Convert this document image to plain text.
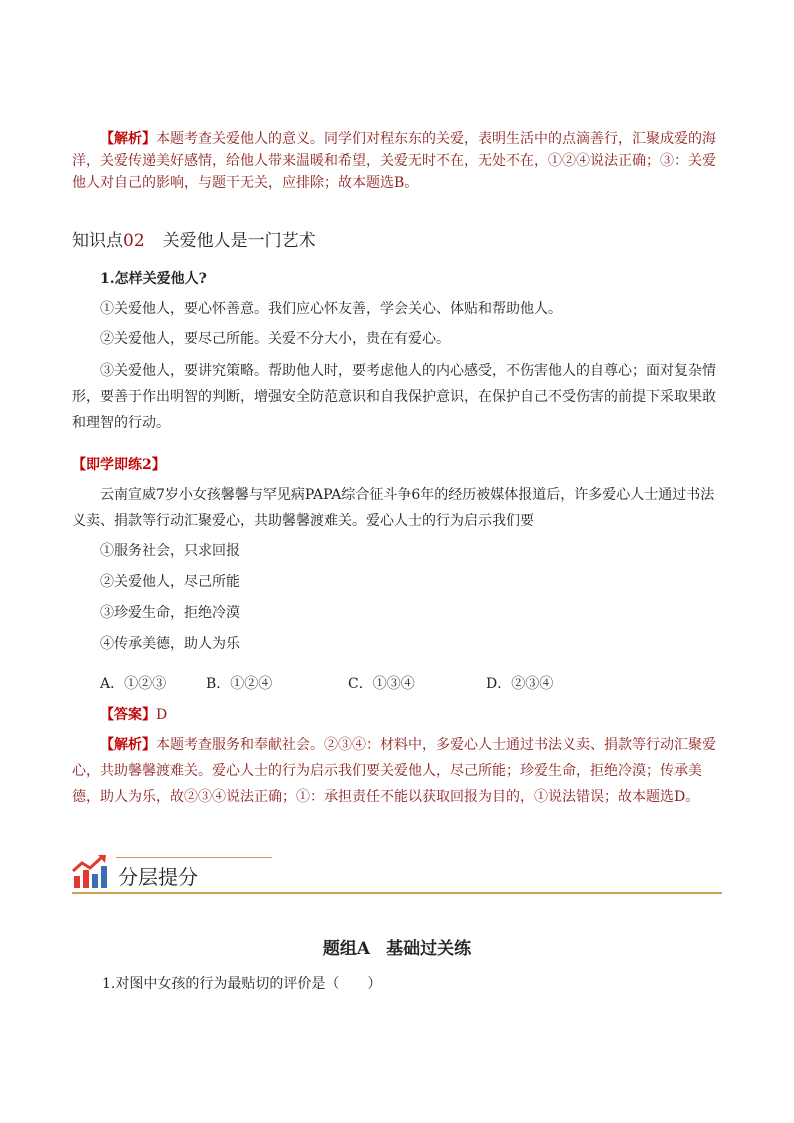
【解析】本题考查关爱他人的意义。同学们对程东东的关爱，表明生活中的点滴善行，汇聚成爱的海洋，关爱传递美好感情，给他人带来温暖和希望，关爱无时不在，无处不在，①②④说法正确；③：关爱他人对自己的影响，与题干无关，应排除；故本题选B。

知识点02 关爱他人是一门艺术

1.怎样关爱他人?

①关爱他人，要心怀善意。我们应心怀友善，学会关心、体贴和帮助他人。

②关爱他人，要尽己所能。关爱不分大小，贵在有爱心。

③关爱他人，要讲究策略。帮助他人时，要考虑他人的内心感受，不伤害他人的自尊心；面对复杂情形，要善于作出明智的判断，增强安全防范意识和自我保护意识，在保护自己不受伤害的前提下采取果敢和理智的行动。

【即学即练2】

云南宣威7岁小女孩馨馨与罕见病PAPA综合征斗争6年的经历被媒体报道后，许多爱心人士通过书法义卖、捐款等行动汇聚爱心，共助馨馨渡难关。爱心人士的行为启示我们要

①服务社会，只求回报

②关爱他人，尽己所能

③珍爱生命，拒绝冷漠

④传承美德，助人为乐

A．①②③	B．①②④	C．①③④	D．②③④

【答案】D

【解析】本题考查服务和奉献社会。②③④：材料中，多爱心人士通过书法义卖、捐款等行动汇聚爱心，共助馨馨渡难关。爱心人士的行为启示我们要关爱他人，尽己所能；珍爱生命，拒绝冷漠；传承美德，助人为乐，故②③④说法正确；①：承担责任不能以获取回报为目的，①说法错误；故本题选D。

分层提分
题组A 基础过关练
1.对图中女孩的行为最贴切的评价是（　　）
